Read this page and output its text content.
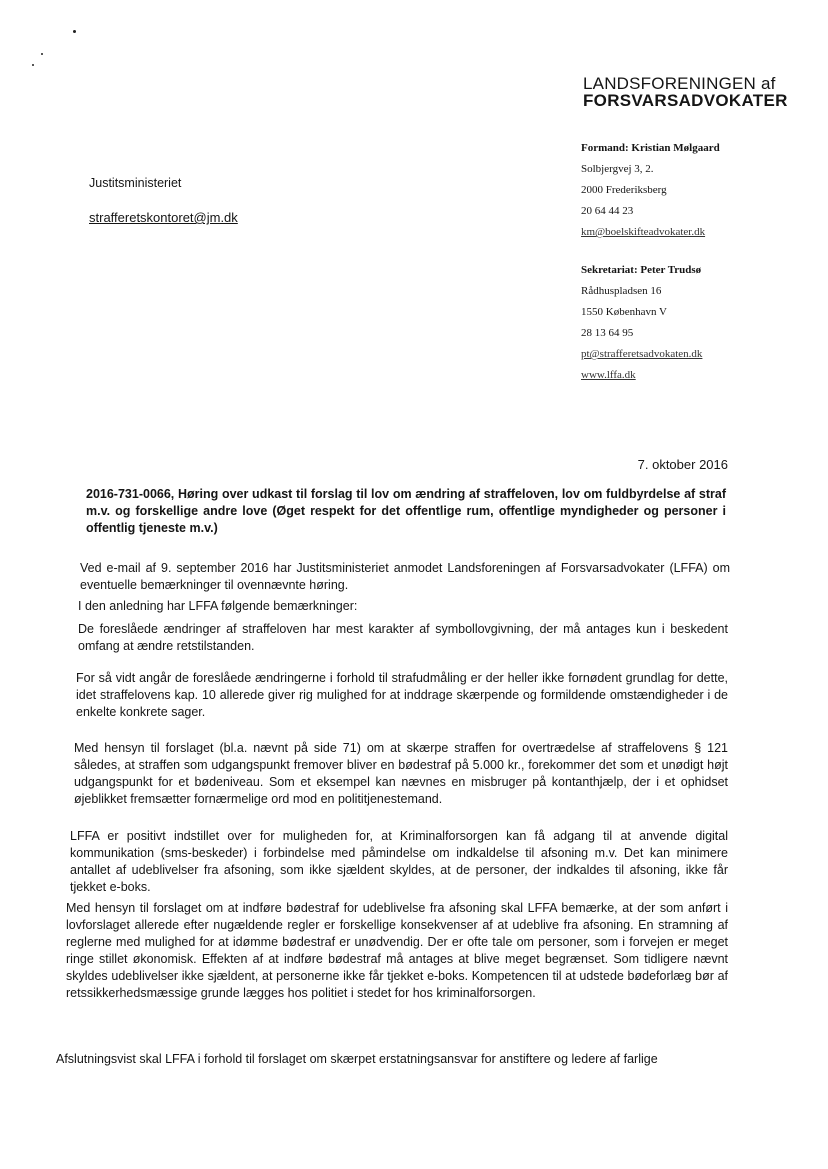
LANDSFORENINGEN af
FORSVARSADVOKATER
Formand: Kristian Mølgaard
Solbjergvej 3, 2.
2000 Frederiksberg
20 64 44 23
km@boelskifteadvokater.dk
Sekretariat: Peter Trudsø
Rådhuspladsen 16
1550 København V
28 13 64 95
pt@strafferetsadvokaten.dk
www.lffa.dk
Justitsministeriet
strafferetskontoret@jm.dk
7. oktober 2016
2016-731-0066, Høring over udkast til forslag til lov om ændring af straffeloven, lov om fuldbyrdelse af straf m.v. og forskellige andre love (Øget respekt for det offentlige rum, offentlige myndigheder og personer i offentlig tjeneste m.v.)
Ved e-mail af 9. september 2016 har Justitsministeriet anmodet Landsforeningen af Forsvarsadvokater (LFFA) om eventuelle bemærkninger til ovennævnte høring.
I den anledning har LFFA følgende bemærkninger:
De foreslåede ændringer af straffeloven har mest karakter af symbollovgivning, der må antages kun i beskedent omfang at ændre retstilstanden.
For så vidt angår de foreslåede ændringerne i forhold til strafudmåling er der heller ikke fornødent grundlag for dette, idet straffelovens kap. 10 allerede giver rig mulighed for at inddrage skærpende og formildende omstændigheder i de enkelte konkrete sager.
Med hensyn til forslaget (bl.a. nævnt på side 71) om at skærpe straffen for overtrædelse af straffelovens § 121 således, at straffen som udgangspunkt fremover bliver en bødestraf på 5.000 kr., forekommer det som et unødigt højt udgangspunkt for et bødeniveau. Som et eksempel kan nævnes en misbruger på kontanthjælp, der i et ophidset øjeblikket fremsætter fornærmelige ord mod en polititjenestemand.
LFFA er positivt indstillet over for muligheden for, at Kriminalforsorgen kan få adgang til at anvende digital kommunikation (sms-beskeder) i forbindelse med påmindelse om indkaldelse til afsoning m.v. Det kan minimere antallet af udeblivelser fra afsoning, som ikke sjældent skyldes, at de personer, der indkaldes til afsoning, ikke får tjekket e-boks.
Med hensyn til forslaget om at indføre bødestraf for udeblivelse fra afsoning skal LFFA bemærke, at der som anført i lovforslaget allerede efter nugældende regler er forskellige konsekvenser af at udeblive fra afsoning. En stramning af reglerne med mulighed for at idømme bødestraf er unødvendig. Der er ofte tale om personer, som i forvejen er meget ringe stillet økonomisk. Effekten af at indføre bødestraf må antages at blive meget begrænset. Som tidligere nævnt skyldes udeblivelser ikke sjældent, at personerne ikke får tjekket e-boks. Kompetencen til at udstede bødeforlæg bør af retssikkerhedsmæssige grunde lægges hos politiet i stedet for hos kriminalforsorgen.
Afslutningsvist skal LFFA i forhold til forslaget om skærpet erstatningsansvar for anstiftere og ledere af farlige
